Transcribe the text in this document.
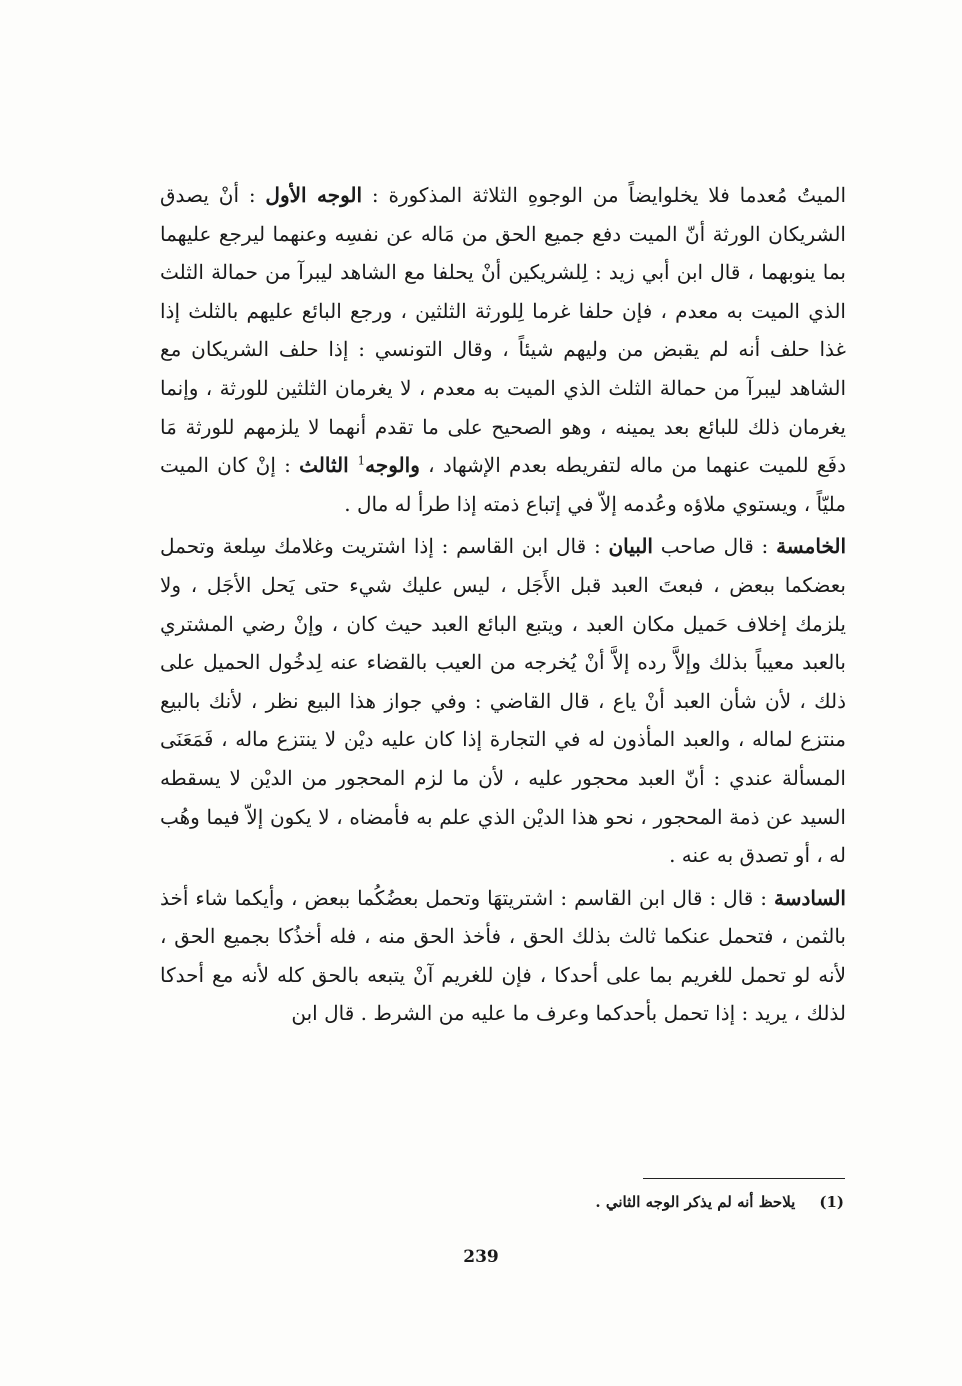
الميتُ مُعدما فلا يخلوايضاً من الوجوهِ الثلاثة المذكورة : الوجه الأول : أنْ يصدق الشريكان الورثة أنّ الميت دفع جميع الحق من مَاله عن نفسِه وعنهما ليرجع عليهما بما ينوبهما ، قال ابن أبي زيد : لِلشريكين أنْ يحلفا مع الشاهد ليبرآ من حمالة الثلث الذي الميت به معدم ، فإن حلفا غرما لِلورثة الثلثين ، ورجع البائع عليهم بالثلث إذا غذا حلف أنه لم يقبض من وليهم شيئاً ، وقال التونسي : إذا حلف الشريكان مع الشاهد ليبرآ من حمالة الثلث الذي الميت به معدم ، لا يغرمان الثلثين للورثة ، وإنما يغرمان ذلك للبائع بعد يمينه ، وهو الصحيح على ما تقدم أنهما لا يلزمهم للورثة مَا دفَع للميت عنهما من ماله لتفريطه بعدم الإشهاد ، والوجه$^1$ الثالث : إنْ كان الميت مليّاً ، ويستوي ملاؤه وعُدمه إلاّ في إتباع ذمته إذا طرأ له مال .

الخامسة : قال صاحب البيان : قال ابن القاسم : إذا اشتريت وغلامك سِلعة وتحمل بعضكما ببعض ، فبعتَ العبد قبل الأَجَل ، ليس عليك شيء حتى يَحل الأجَل ، ولا يلزمك إخلاف حَميل مكان العبد ، ويتبع البائع العبد حيث كان ، وإنْ رضي المشتري بالعبد معيباً بذلك وإلاَّ رده إلاَّ أنْ يُخرجه من العيب بالقضاء عنه لِدخُول الحميل على ذلك ، لأن شأن العبد أنْ ياع ، قال القاضي : وفي جواز هذا البيع نظر ، لأنك بالبيع منتزع لماله ، والعبد المأذون له في التجارة إذا كان عليه ديْن لا ينتزع ماله ، فَمَعَنَى المسألة عندي : أنّ العبد محجور عليه ، لأن ما لزم المحجور من الديْن لا يسقطه السيد عن ذمة المحجور ، نحو هذا الديْن الذي علم به فأمضاه ، لا يكون إلاّ فيما وهُب له ، أو تصدق به عنه .

السادسة : قال : قال ابن القاسم : اشتريتهَا وتحمل بعضُكُما ببعض ، وأيكما شاء أخذ بالثمن ، فتحمل عنكما ثالث بذلك الحق ، فأخذ الحق منه ، فله أخذُكا بجميع الحق ، لأنه لو تحمل للغريم بما على أحدكا ، فإن للغريم آنْ يتبعه بالحق كله لأنه مع أحدكا لذلك ، يريد : إذا تحمل بأحدكما وعرف ما عليه من الشرط . قال ابن

(1)يلاحظ أنه لم يذكر الوجه الثاني .
239
